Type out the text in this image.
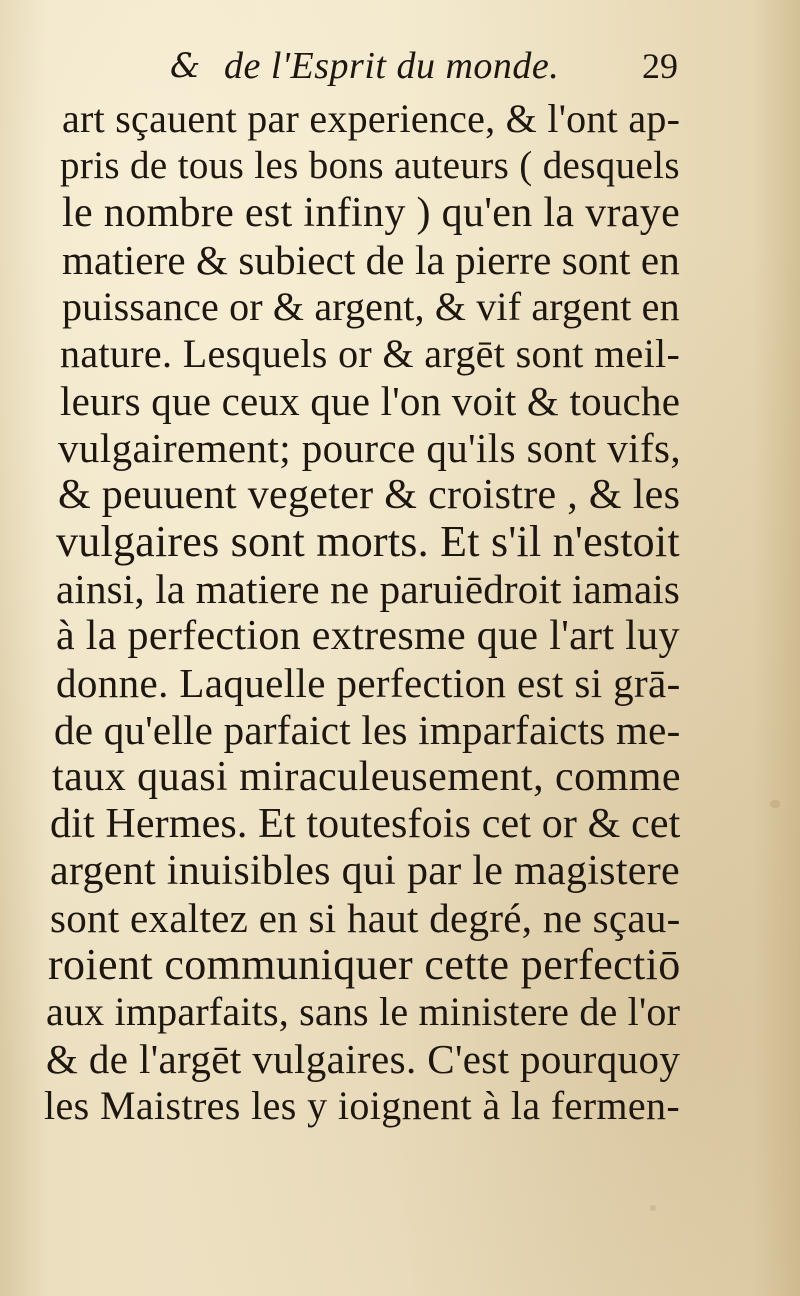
& de l'Esprit du monde. 29
art sçauent par experience, & l'ont ap-
pris de tous les bons auteurs ( desquels
le nombre est infiny ) qu'en la vraye
matiere & subiect de la pierre sont en
puissance or & argent, & vif argent en
nature. Lesquels or & argēt sont meil-
leurs que ceux que l'on voit & touche
vulgairement; pource qu'ils sont vifs,
& peuuent vegeter & croistre , & les
vulgaires sont morts. Et s'il n'estoit
ainsi, la matiere ne paruiēdroit iamais
à la perfection extresme que l'art luy
donne. Laquelle perfection est si grā-
de qu'elle parfaict les imparfaicts me-
taux quasi miraculeusement, comme
dit Hermes. Et toutesfois cet or & cet
argent inuisibles qui par le magistere
sont exaltez en si haut degré, ne sçau-
roient communiquer cette perfectiō
aux imparfaits, sans le ministere de l'or
& de l'argēt vulgaires. C'est pourquoy
les Maistres les y ioignent à la fermen-
